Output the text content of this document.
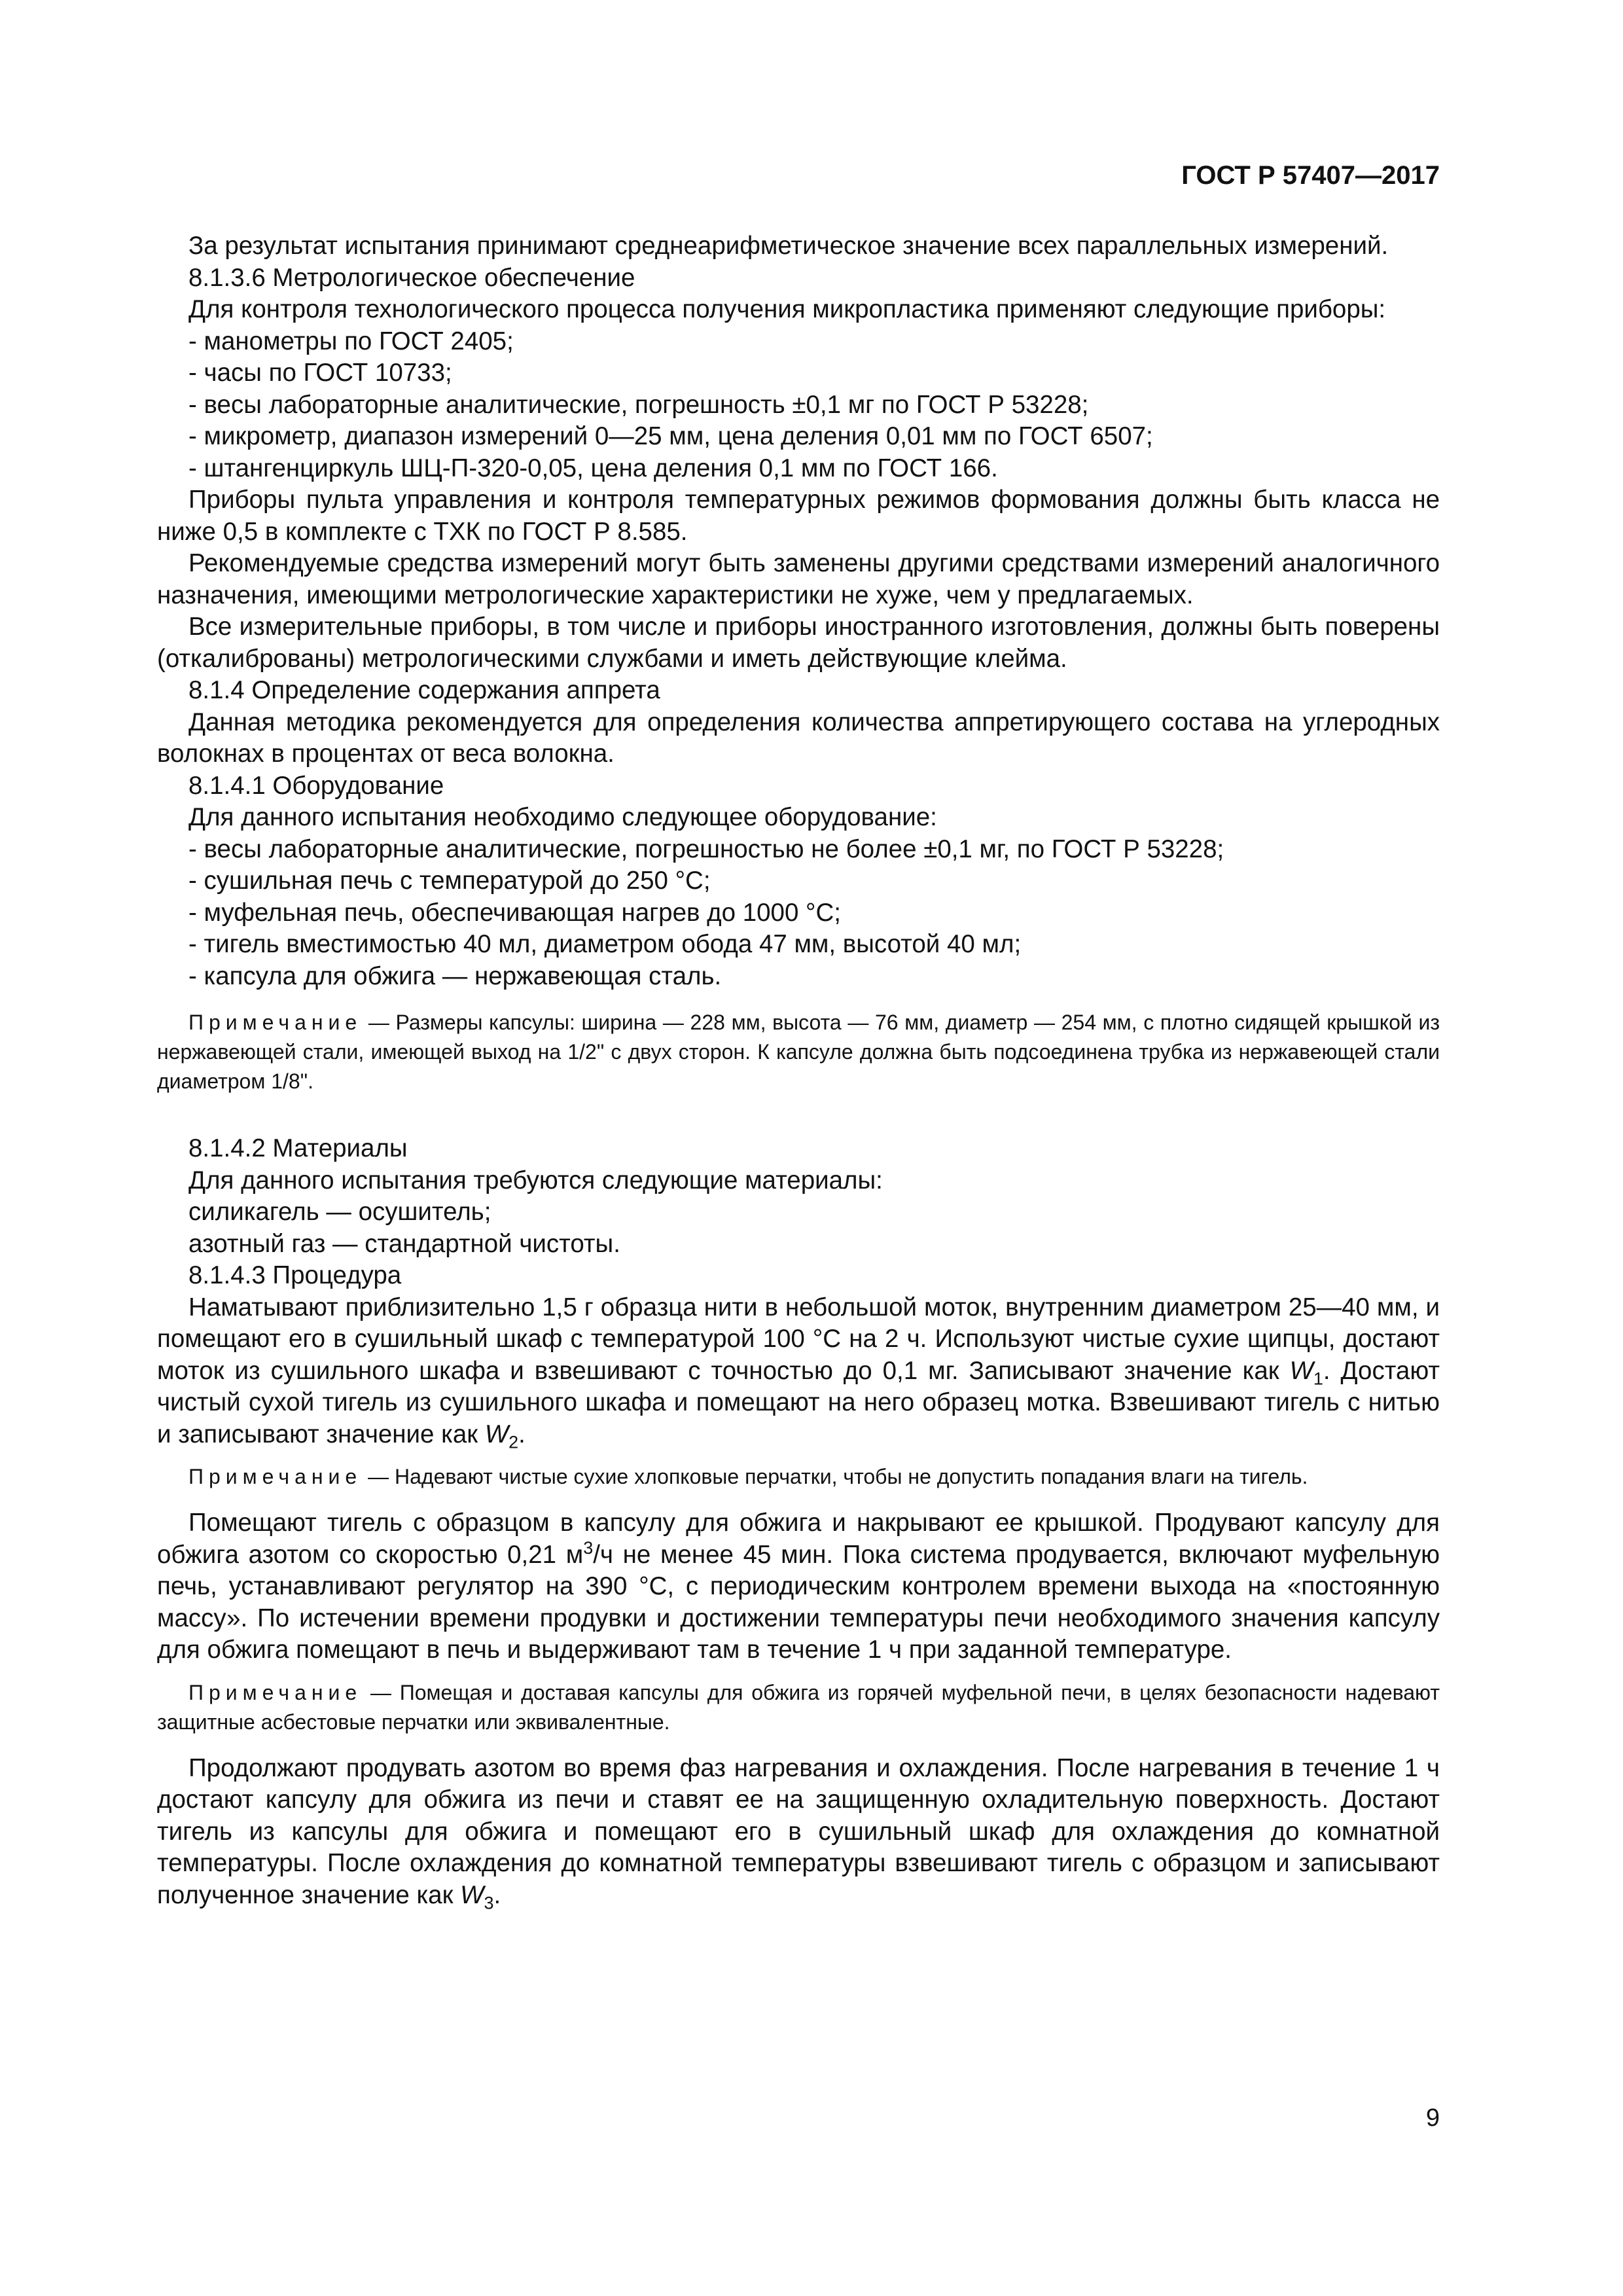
ГОСТ Р 57407—2017

За результат испытания принимают среднеарифметическое значение всех параллельных измерений.

8.1.3.6 Метрологическое обеспечение

Для контроля технологического процесса получения микропластика применяют следующие приборы:

- манометры по ГОСТ 2405;

- часы по ГОСТ 10733;

- весы лабораторные аналитические, погрешность ±0,1 мг по ГОСТ Р 53228;

- микрометр, диапазон измерений 0—25 мм, цена деления 0,01 мм по ГОСТ 6507;

- штангенциркуль ШЦ-П-320-0,05, цена деления 0,1 мм по ГОСТ 166.

Приборы пульта управления и контроля температурных режимов формования должны быть класса не ниже 0,5 в комплекте с ТХК по ГОСТ Р 8.585.

Рекомендуемые средства измерений могут быть заменены другими средствами измерений аналогичного назначения, имеющими метрологические характеристики не хуже, чем у предлагаемых.

Все измерительные приборы, в том числе и приборы иностранного изготовления, должны быть поверены (откалиброваны) метрологическими службами и иметь действующие клейма.

8.1.4 Определение содержания аппрета

Данная методика рекомендуется для определения количества аппретирующего состава на углеродных волокнах в процентах от веса волокна.

8.1.4.1 Оборудование

Для данного испытания необходимо следующее оборудование:

- весы лабораторные аналитические, погрешностью не более ±0,1 мг, по ГОСТ Р 53228;

- сушильная печь с температурой до 250 °С;

- муфельная печь, обеспечивающая нагрев до 1000 °С;

- тигель вместимостью 40 мл, диаметром обода 47 мм, высотой 40 мл;

- капсула для обжига — нержавеющая сталь.

Примечание — Размеры капсулы: ширина — 228 мм, высота — 76 мм, диаметр — 254 мм, с плотно сидящей крышкой из нержавеющей стали, имеющей выход на 1/2" с двух сторон. К капсуле должна быть подсоединена трубка из нержавеющей стали диаметром 1/8".

8.1.4.2 Материалы

Для данного испытания требуются следующие материалы:

силикагель — осушитель;

азотный газ — стандартной чистоты.

8.1.4.3 Процедура

Наматывают приблизительно 1,5 г образца нити в небольшой моток, внутренним диаметром 25—40 мм, и помещают его в сушильный шкаф с температурой 100 °С на 2 ч. Используют чистые сухие щипцы, достают моток из сушильного шкафа и взвешивают с точностью до 0,1 мг. Записывают значение как $W_1$. Достают чистый сухой тигель из сушильного шкафа и помещают на него образец мотка. Взвешивают тигель с нитью и записывают значение как $W_2$.

Примечание — Надевают чистые сухие хлопковые перчатки, чтобы не допустить попадания влаги на тигель.

Помещают тигель с образцом в капсулу для обжига и накрывают ее крышкой. Продувают капсулу для обжига азотом со скоростью 0,21 $м^3/ч$ не менее 45 мин. Пока система продувается, включают муфельную печь, устанавливают регулятор на 390 °С, с периодическим контролем времени выхода на «постоянную массу». По истечении времени продувки и достижении температуры печи необходимого значения капсулу для обжига помещают в печь и выдерживают там в течение 1 ч при заданной температуре.

Примечание — Помещая и доставая капсулы для обжига из горячей муфельной печи, в целях безопасности надевают защитные асбестовые перчатки или эквивалентные.

Продолжают продувать азотом во время фаз нагревания и охлаждения. После нагревания в течение 1 ч достают капсулу для обжига из печи и ставят ее на защищенную охладительную поверхность. Достают тигель из капсулы для обжига и помещают его в сушильный шкаф для охлаждения до комнатной температуры. После охлаждения до комнатной температуры взвешивают тигель с образцом и записывают полученное значение как $W_3$.

9
